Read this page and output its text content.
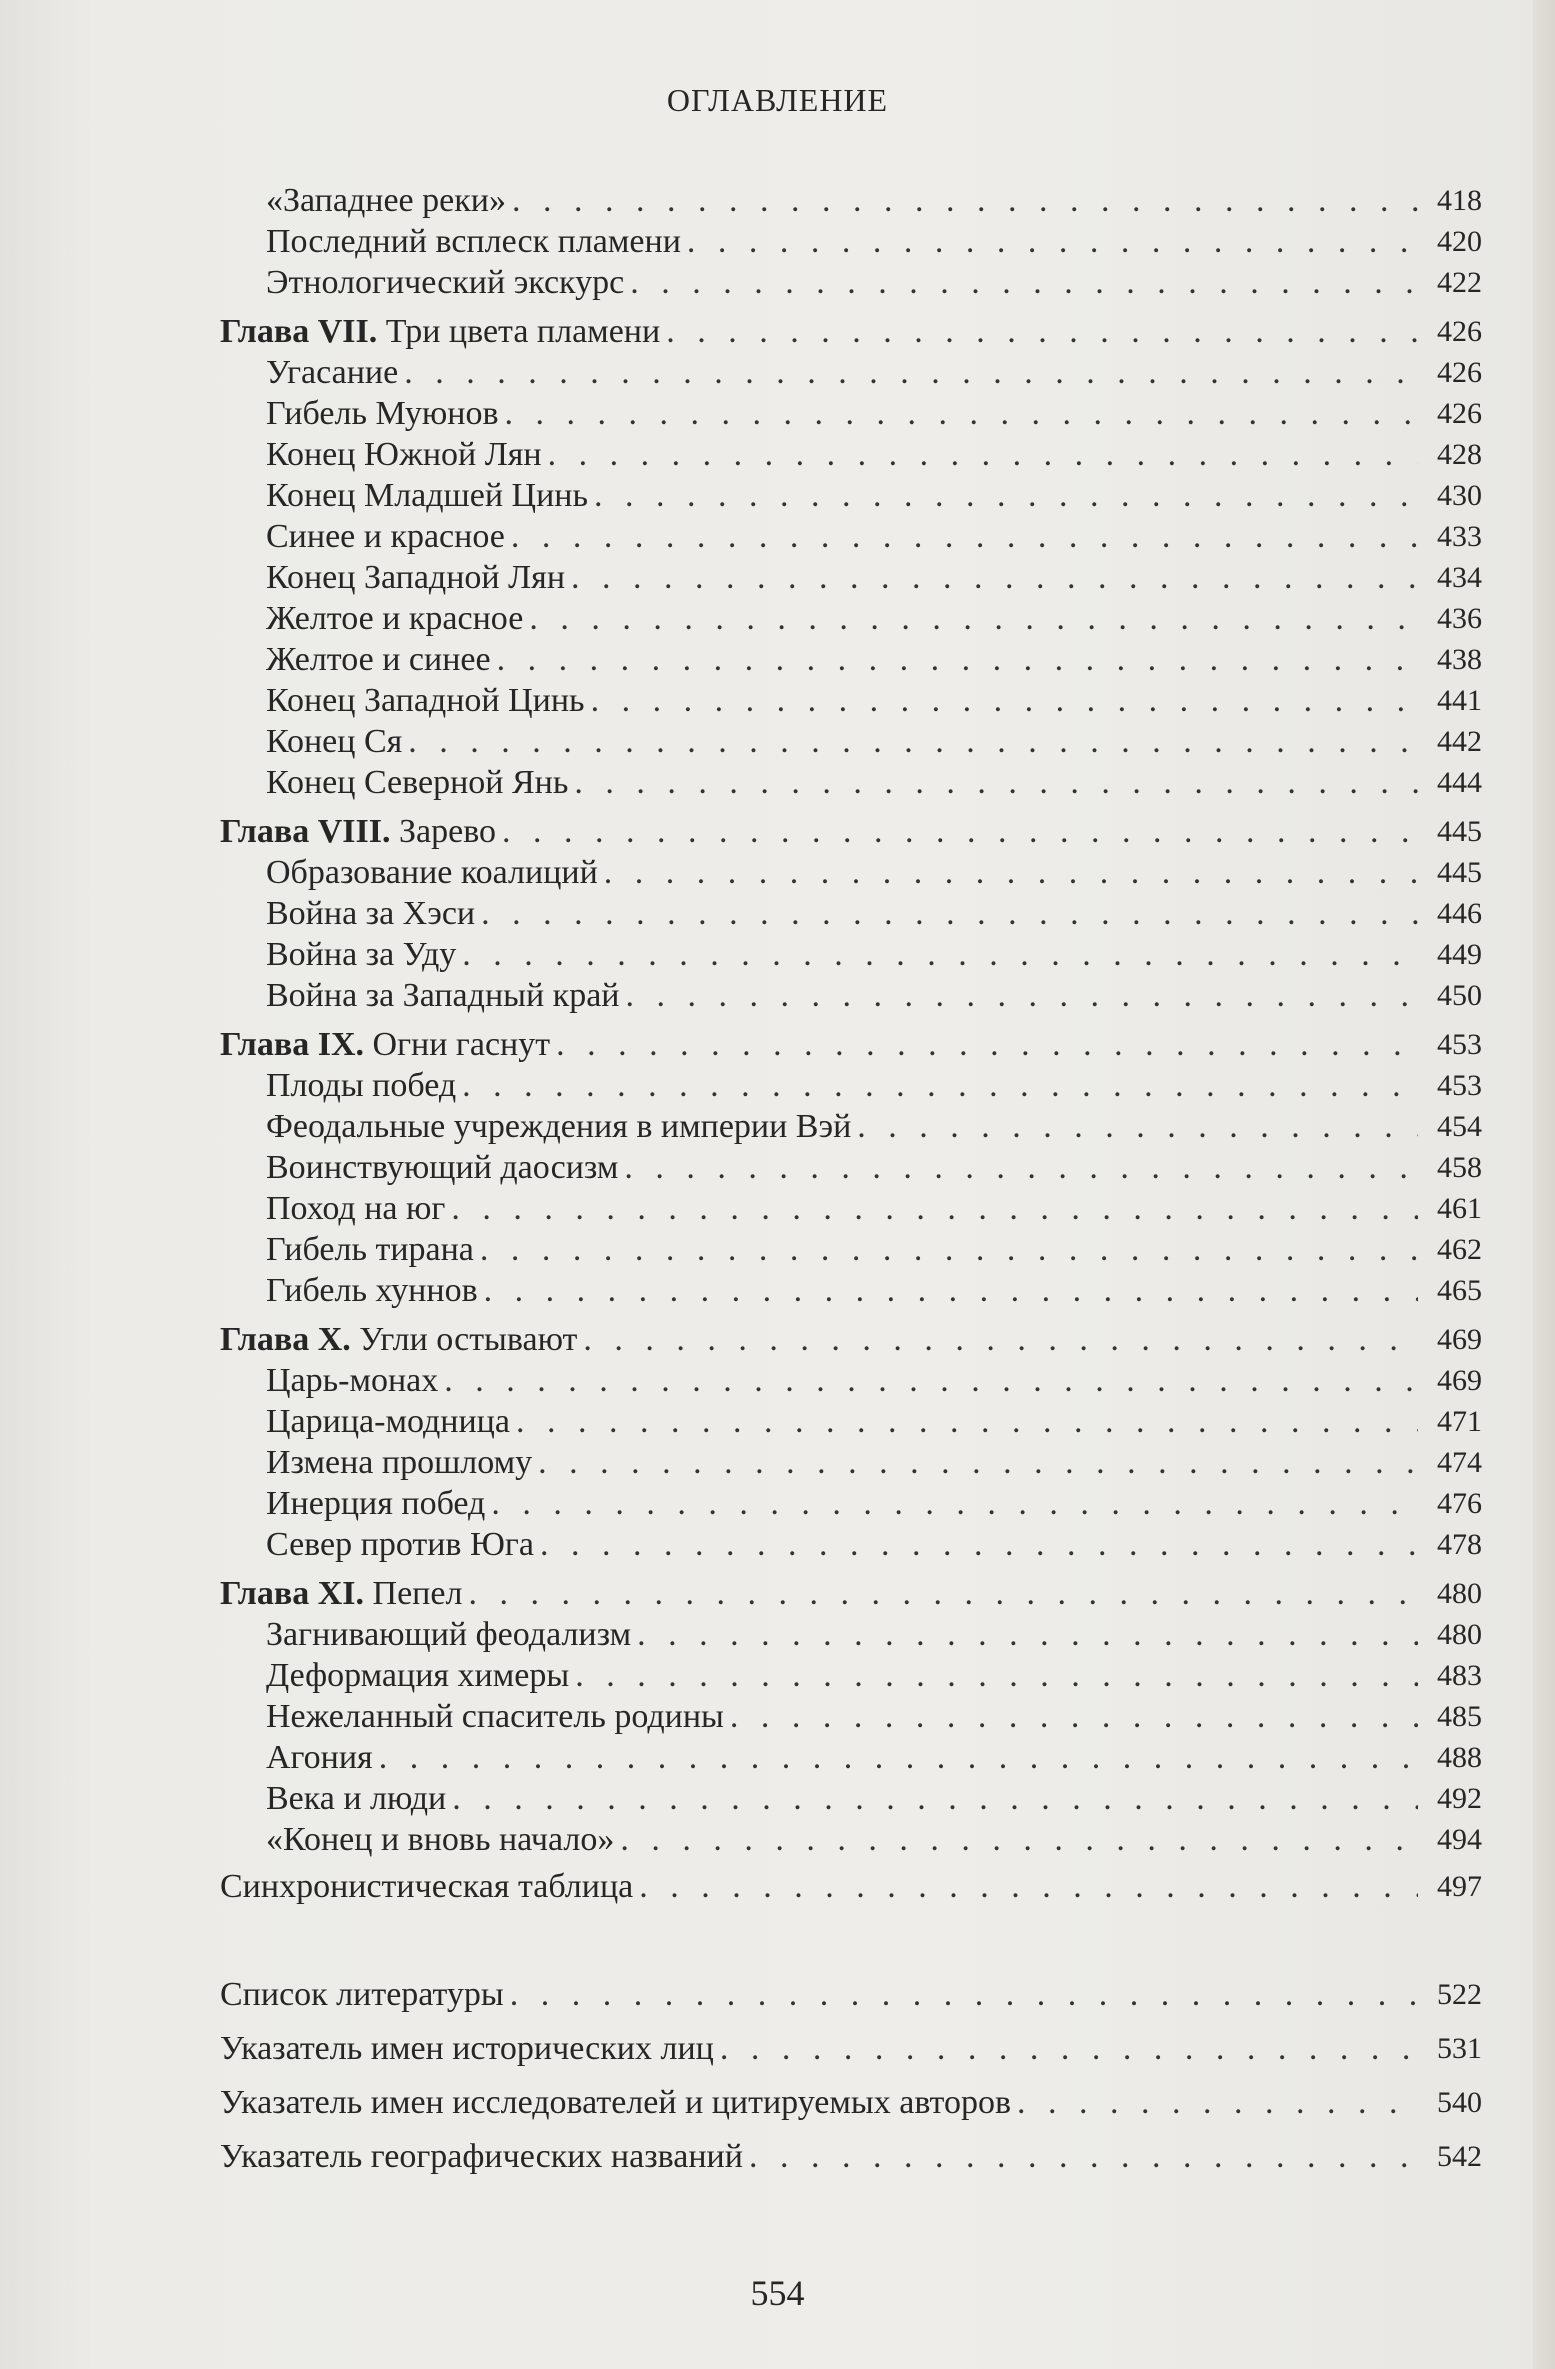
ОГЛАВЛЕНИЕ
«Западнее реки» . . .	418
Последний всплеск пламени . . .	420
Этнологический экскурс . . .	422
Глава VII. Три цвета пламени . . .	426
Угасание . . .	426
Гибель Муюнов . . .	426
Конец Южной Лян . . .	428
Конец Младшей Цинь . . .	430
Синее и красное . . .	433
Конец Западной Лян . . .	434
Желтое и красное . . .	436
Желтое и синее . . .	438
Конец Западной Цинь . . .	441
Конец Ся . . .	442
Конец Северной Янь . . .	444
Глава VIII. Зарево . . .	445
Образование коалиций . . .	445
Война за Хэси . . .	446
Война за Уду . . .	449
Война за Западный край . . .	450
Глава IX. Огни гаснут . . .	453
Плоды побед . . .	453
Феодальные учреждения в империи Вэй . . .	454
Воинствующий даосизм . . .	458
Поход на юг . . .	461
Гибель тирана . . .	462
Гибель хуннов . . .	465
Глава X. Угли остывают . . .	469
Царь-монах . . .	469
Царица-модница . . .	471
Измена прошлому . . .	474
Инерция побед . . .	476
Север против Юга . . .	478
Глава XI. Пепел . . .	480
Загнивающий феодализм . . .	480
Деформация химеры . . .	483
Нежеланный спаситель родины . . .	485
Агония . . .	488
Века и люди . . .	492
«Конец и вновь начало» . . .	494
Синхронистическая таблица . . .	497
Список литературы . . .	522
Указатель имен исторических лиц . . .	531
Указатель имен исследователей и цитируемых авторов . . .	540
Указатель географических названий . . .	542
554
